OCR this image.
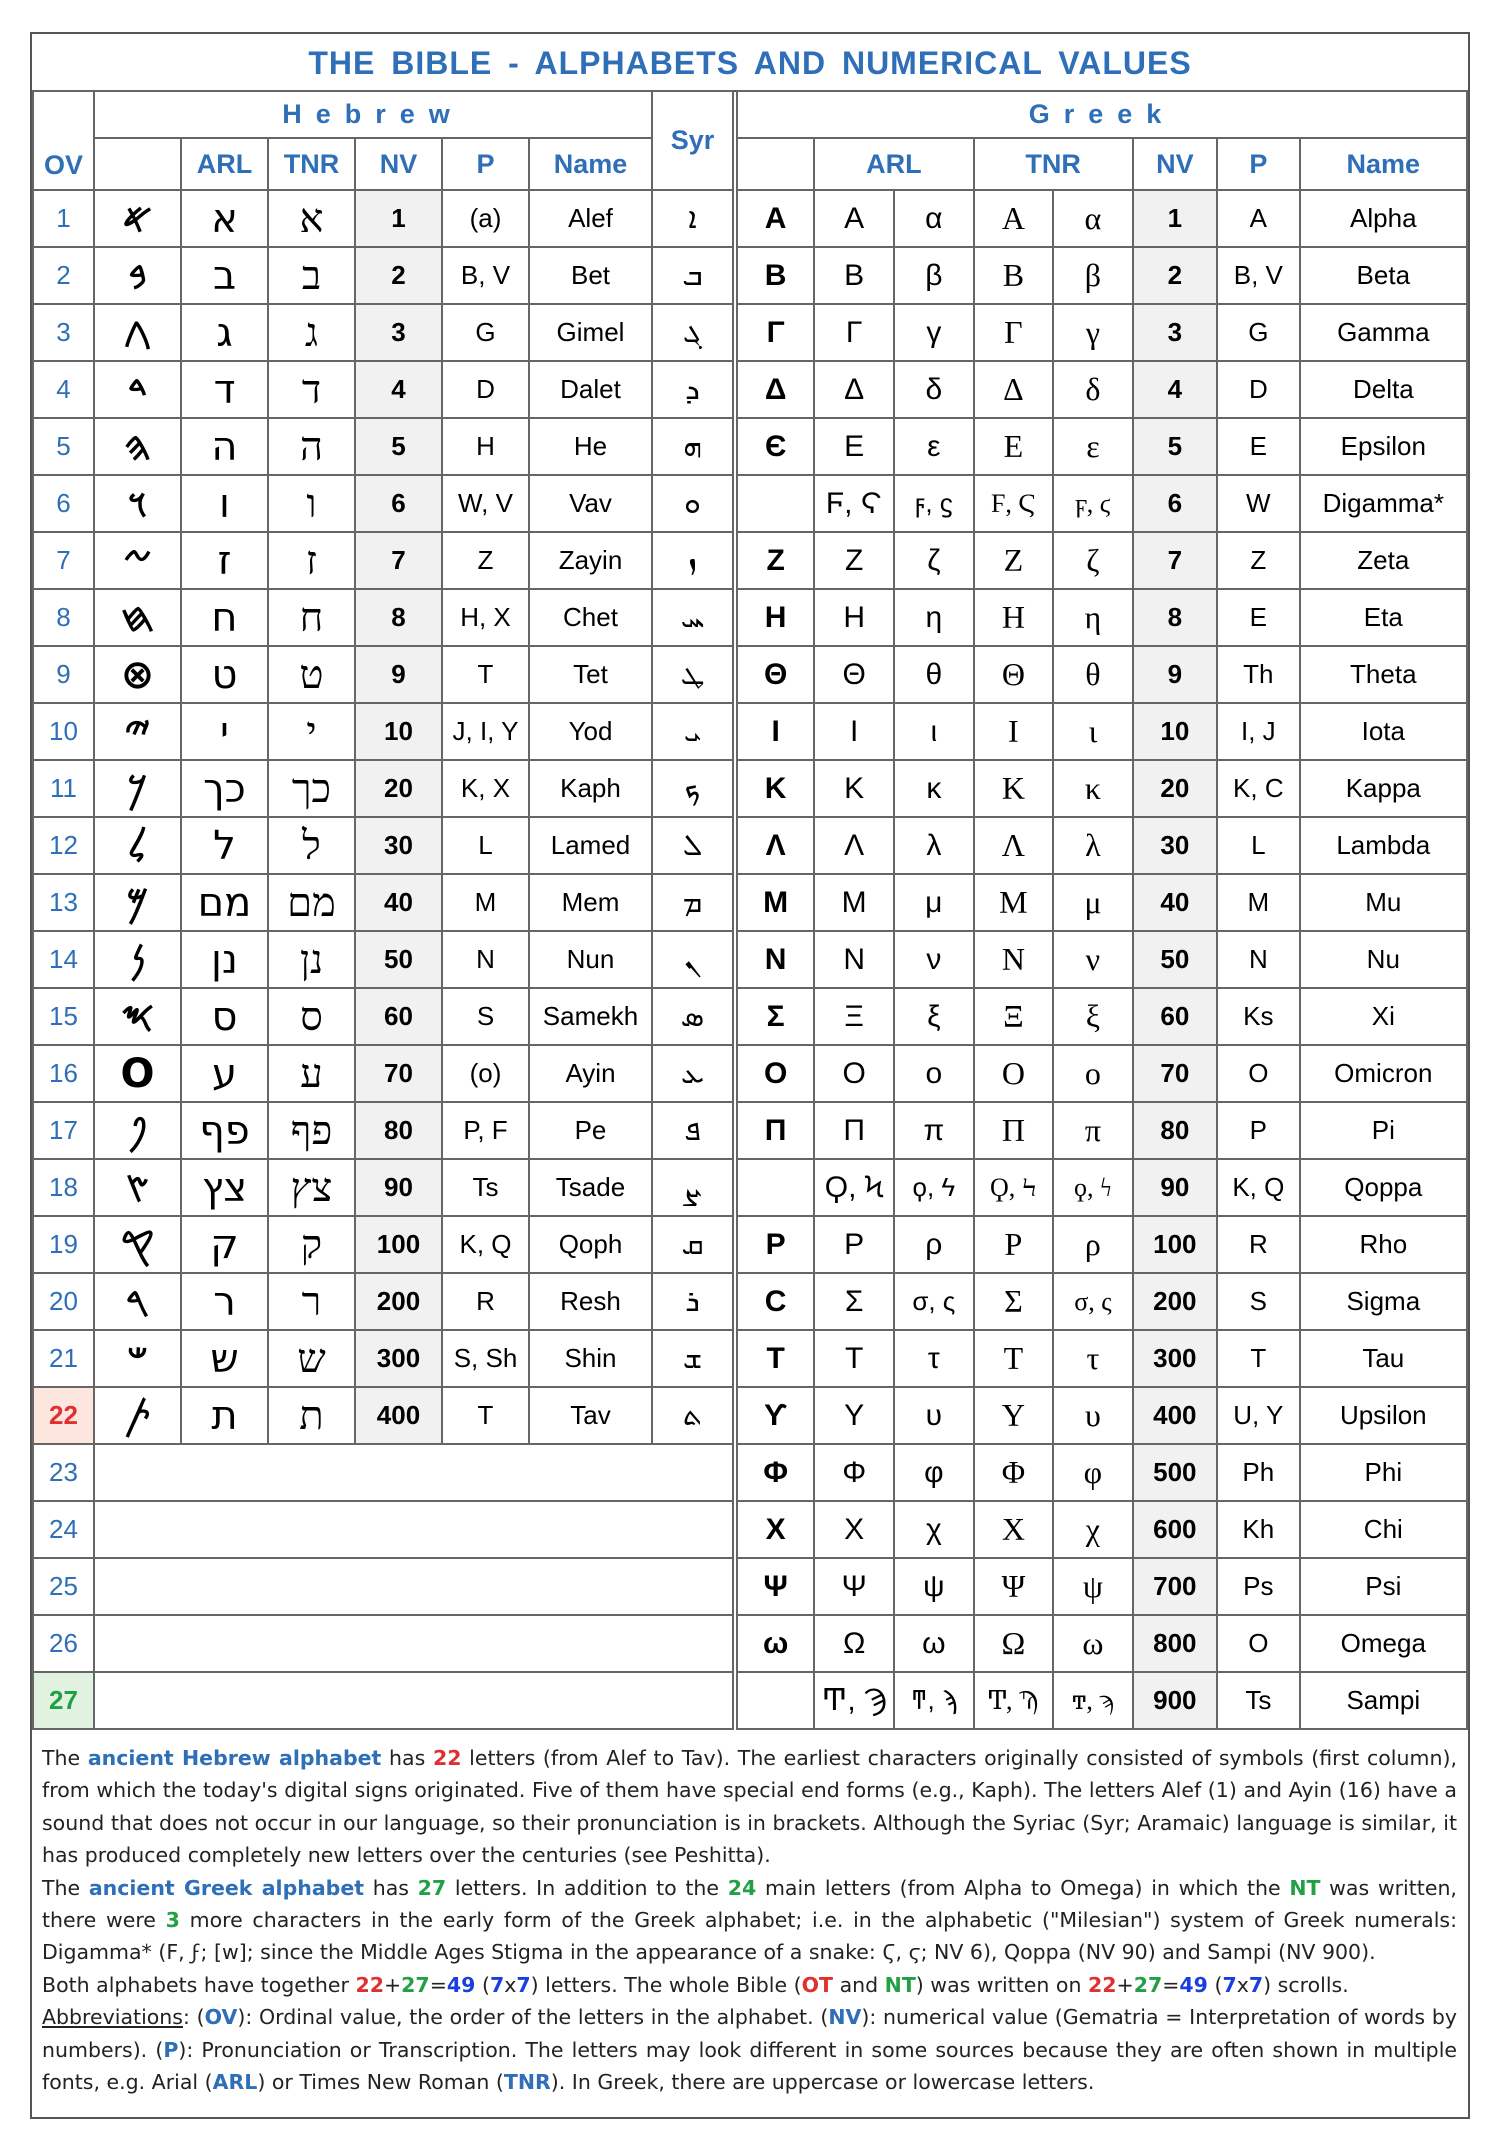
THE BIBLE - ALPHABETS AND NUMERICAL VALUES
OV	Hebrew						Syr
		ARL	TNR	NV	P	Name	
1	𐤀	א	א	1	(a)	Alef	ܐ
2	𐤁	ב	ב	2	B, V	Bet	ܒ
3	𐤂	ג	ג	3	G	Gimel	ܓ
4	𐤃	ד	ד	4	D	Dalet	ܕ
5	𐤄	ה	ה	5	H	He	ܗ
6	𐤅	ו	ו	6	W, V	Vav	ܘ
7	𐤆	ז	ז	7	Z	Zayin	ܙ
8	𐤇	ח	ח	8	H, X	Chet	ܚ
9	⊗	ט	ט	9	T	Tet	ܛ
10	𐤉	י	י	10	J, I, Y	Yod	ܝ
11	𐤊	כך	כך	20	K, X	Kaph	ܟ
12	𐤋	ל	ל	30	L	Lamed	ܠ
13	𐤌	מם	מם	40	M	Mem	ܡ
14	𐤍	נן	נן	50	N	Nun	ܢ
15	𐤎	ס	ס	60	S	Samekh	ܣ
16	O	ע	ע	70	(o)	Ayin	ܥ
17	𐤐	פף	פף	80	P, F	Pe	ܦ
18	𐤑	צץ	צץ	90	Ts	Tsade	ܨ
19	𐤒	ק	ק	100	K, Q	Qoph	ܩ
20	𐤓	ר	ר	200	R	Resh	ܪ
21	𐤔	ש	ש	300	S, Sh	Shin	ܫ
22	𐤕	ת	ת	400	T	Tav	ܬ
23							
24							
25							
26							
27							
Greek							
	ARL		TNR		NV	P	Name
Α	Α	α	Α	α	1	A	Alpha
Β	Β	β	Β	β	2	B, V	Beta
Γ	Γ	γ	Γ	γ	3	G	Gamma
Δ	Δ	δ	Δ	δ	4	D	Delta
Є	Ε	ε	Ε	ε	5	E	Epsilon
	Ϝ, Ϛ	ϝ, ϛ	Ϝ, Ϛ	ϝ, ϛ	6	W	Digamma*
Ζ	Ζ	ζ	Ζ	ζ	7	Z	Zeta
Η	Η	η	Η	η	8	E	Eta
Θ	Θ	θ	Θ	θ	9	Th	Theta
Ι	Ι	ι	Ι	ι	10	I, J	Iota
Κ	Κ	κ	Κ	κ	20	K, C	Kappa
Λ	Λ	λ	Λ	λ	30	L	Lambda
Μ	Μ	μ	Μ	μ	40	M	Mu
Ν	Ν	ν	Ν	ν	50	N	Nu
Σ	Ξ	ξ	Ξ	ξ	60	Ks	Xi
Ο	Ο	ο	Ο	ο	70	O	Omicron
Π	Π	π	Π	π	80	P	Pi
	Ϙ, Ϟ	ϙ, ϟ	Ϙ, Ϟ	ϙ, ϟ	90	K, Q	Qoppa
Ρ	Ρ	ρ	Ρ	ρ	100	R	Rho
Ϲ	Σ	σ, ς	Σ	σ, ς	200	S	Sigma
Τ	Τ	τ	Τ	τ	300	T	Tau
ϒ	Υ	υ	Υ	υ	400	U, Y	Upsilon
Φ	Φ	φ	Φ	φ	500	Ph	Phi
Χ	Χ	χ	Χ	χ	600	Kh	Chi
Ψ	Ψ	ψ	Ψ	ψ	700	Ps	Psi
ω	Ω	ω	Ω	ω	800	O	Omega
	Ͳ, Ϡ	ͳ, ϡ	Ͳ, Ϡ	ͳ, ϡ	900	Ts	Sampi

The ancient Hebrew alphabet has 22 letters (from Alef to Tav). The earliest characters originally consisted of symbols (first column), from which the today's digital signs originated. Five of them have special end forms (e.g., Kaph). The letters Alef (1) and Ayin (16) have a sound that does not occur in our language, so their pronunciation is in brackets. Although the Syriac (Syr; Aramaic) language is similar, it has produced completely new letters over the centuries (see Peshitta).

The ancient Greek alphabet has 27 letters. In addition to the 24 main letters (from Alpha to Omega) in which the NT was written, there were 3 more characters in the early form of the Greek alphabet; i.e. in the alphabetic ("Milesian") system of Greek numerals: Digamma* (Ϝ, ϝ; [w]; since the Middle Ages Stigma in the appearance of a snake: Ϛ, ϛ; NV 6), Qoppa (NV 90) and Sampi (NV 900).

Both alphabets have together 22+27=49 (7x7) letters. The whole Bible (OT and NT) was written on 22+27=49 (7x7) scrolls.

Abbreviations: (OV): Ordinal value, the order of the letters in the alphabet. (NV): numerical value (Gematria = Interpretation of words by numbers). (P): Pronunciation or Transcription. The letters may look different in some sources because they are often shown in multiple fonts, e.g. Arial (ARL) or Times New Roman (TNR). In Greek, there are uppercase or lowercase letters.
